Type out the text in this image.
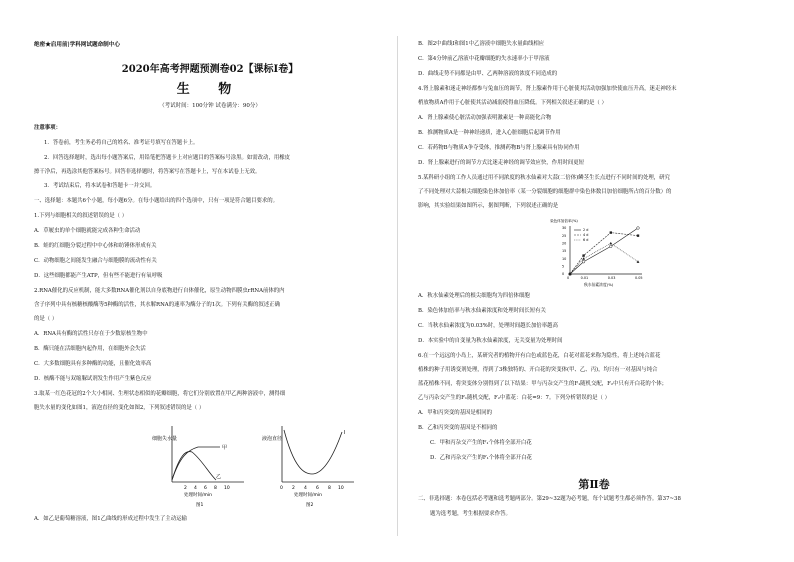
绝密★启用前|学科网试题命制中心
2020年高考押题预测卷02【课标I卷】
生 物
（考试时间：100分钟 试卷满分：90分）
注意事项：
1．答卷前，考生务必将自己的姓名、准考证号填写在答题卡上。
2．回答选择题时，选出每小题答案后，用铅笔把答题卡上对应题目的答案标号涂黑。如需改动，用橡皮
擦干净后，再选涂其他答案标号。回答非选择题时，将答案写在答题卡上，写在本试卷上无效。
3．考试结束后，将本试卷和答题卡一并交回。
一、选择题：本题共6个小题，每小题6分。在每小题给出的四个选项中，只有一项是符合题目要求的。
1.下列与细胞相关的叙述错误的是（ ）
A．草履虫的单个细胞就能完成各种生命活动
B．蛙的红细胞分裂过程中中心体和纺锤体形成有关
C．动物细胞之间能发生融合与细胞膜的流动性有关
D．这些细胞都能产生ATP，但有些不能进行有氧呼吸
2.RNA催化的反应机制，能大多数RNA催化剂以自身底物进行自体催化，原生动物四膜虫rRNA前体的内
含子序列中具有核糖核酸酶等5种酶的活性，其水解RNA的速率为酶分子的1次。下列有关酶的叙述正确
的是（ ）
A．RNA具有酶的活性只存在于少数原核生物中
B．酶只能在活细胞内起作用，在细胞外会失活
C．大多数细胞具有多种酶的功能，且催化效率高
D．核酶不能与双缩脲试剂发生作用产生紫色反应
3.取某一红色花冠的2个大小相同、生理状态相似的花瓣细胞，将它们分别放置在甲乙两种溶液中，测得细
胞失水量的变化如图1，液泡直径的变化如图2，下列叙述错误的是（ ）
细胞失水量
甲
乙
2 4 6 8 10
处理时间/min
图1
液泡直径
I
0 2 4 6 8 10
处理时间/min
图2
A．如乙是葡萄糖溶液，图1乙曲线的形成过程中发生了主动运输
B．图2中曲线I和图1中乙溶液中细胞失水量曲线相应
C．第4分钟前乙溶液中花瓣细胞的失水速率小于甲溶液
D．曲线走势不同都是由甲、乙两种溶液的浓度不同造成的
4.肾上腺素和迷走神经都参与兔血压的调节，肾上腺素作用于心脏使其活动加强加快使血压升高，迷走神经末
梢放物质A作用于心脏使其活动减弱使得血压降低。下列相关叙述正确的是（ ）
A．肾上腺素使心脏活动加强表明激素是一种高能化合物
B．推测物质A是一种神经递质，进入心脏细胞后起调节作用
C．若药物B与物质A争夺受体，推测药物B与肾上腺素具有协同作用
D．肾上腺素进行的调节方式比迷走神经的调节效应快，作用时间更短
5.某科研小组的工作人员通过用不同浓度的秋水仙素对大蒜(二倍体)鳞茎生长点进行不同时间的处理，研究
了不同处理对大蒜根尖细胞染色体加倍率（某一分裂细胞的细胞群中染色体数目加倍细胞所占的百分数）的
影响，其实验结果如图所示，据图判断，下列叙述正确的是
染色体加倍率(%)
0
5
10
15
20
25
30
0	0.01	0.03	0.05
2 d
4 d
6 d
秋水仙素浓度(%)
A．秋水仙素处理后的根尖细胞均为四倍体细胞
B．染色体加倍率与秋水仙素浓度和处理时间长短有关
C．当秋水仙素浓度为0.03%时，处理时间越长加倍率越高
D．本实验中的自变量为秋水仙素浓度，无关变量为处理时间
6.在一个远远的小岛上，某研究者的植物开有白色或蓝色花，白花对蓝花来称为隐性，将上述纯合蓝花
植株的种子用诱变剂处理，得到了3株独特的、开白花的突变体(甲、乙、丙)，均只有一对基因与纯合
蓝花植株不同，将突变体分别得到了以下结果：甲与丙杂交产生的F₁随机交配，F₂中只有开白花的个体；
乙与丙杂交产生的F₁随机交配，F₂中蓝花：白花=9：7。下列分析错误的是（ ）
A．甲和丙突变的基因是相同的
B．乙和丙突变的基因是不相同的
C．甲和丙杂交产生的F₁个体将全部开白花
D．乙和丙杂交产生的F₁个体将全部开白花
第Ⅱ卷
二、非选择题：本卷包括必考题和选考题两部分。第29~32题为必考题，每个试题考生都必须作答。第37~38
题为选考题，考生根据要求作答。
